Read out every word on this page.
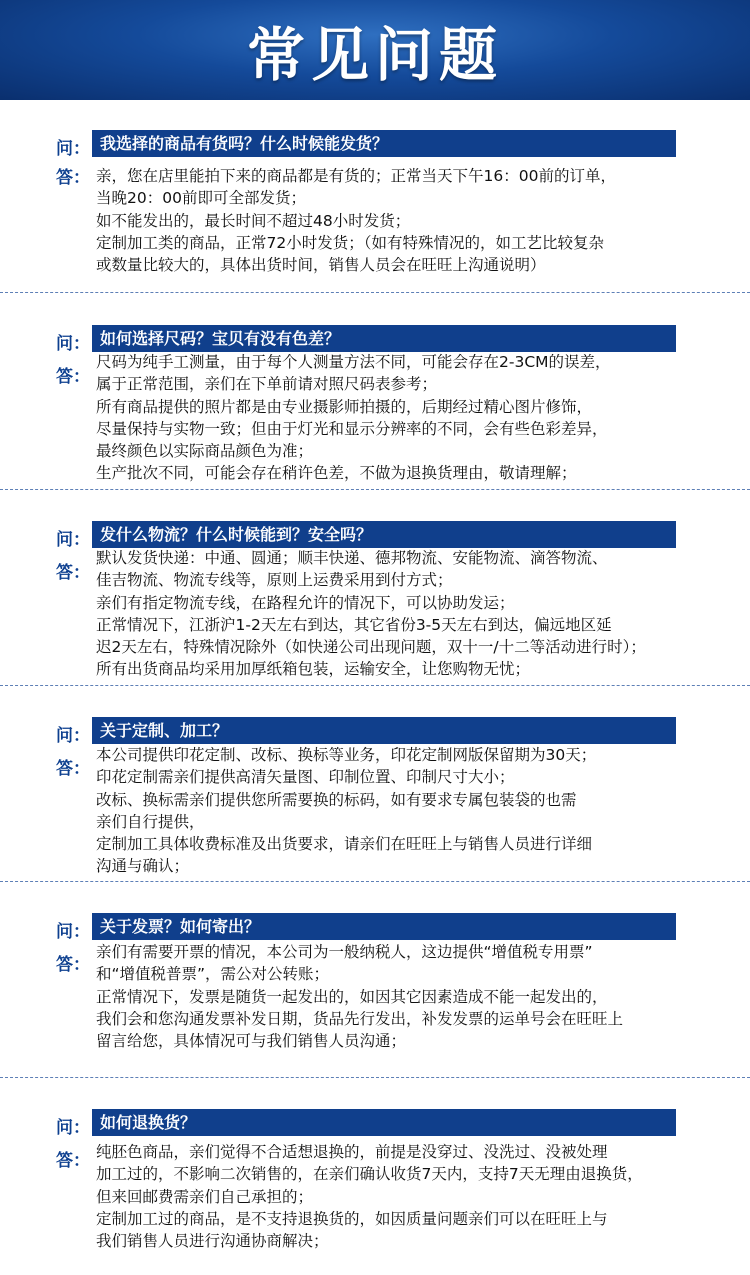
常见问题
问： 我选择的商品有货吗？什么时候能发货？
答： 亲，您在店里能拍下来的商品都是有货的；正常当天下午16：00前的订单，
当晚20：00前即可全部发货；
如不能发出的，最长时间不超过48小时发货；
定制加工类的商品，正常72小时发货；（如有特殊情况的，如工艺比较复杂
或数量比较大的，具体出货时间，销售人员会在旺旺上沟通说明）
问： 如何选择尺码？宝贝有没有色差？
答：
尺码为纯手工测量，由于每个人测量方法不同，可能会存在2-3CM的误差，
属于正常范围，亲们在下单前请对照尺码表参考；
所有商品提供的照片都是由专业摄影师拍摄的，后期经过精心图片修饰，
尽量保持与实物一致；但由于灯光和显示分辨率的不同，会有些色彩差异，
最终颜色以实际商品颜色为准；
生产批次不同，可能会存在稍许色差，不做为退换货理由，敬请理解；
问： 发什么物流？什么时候能到？安全吗？
答：
默认发货快递：中通、圆通；顺丰快递、德邦物流、安能物流、滴答物流、
佳吉物流、物流专线等，原则上运费采用到付方式；
亲们有指定物流专线，在路程允许的情况下，可以协助发运；
正常情况下，江浙沪1-2天左右到达，其它省份3-5天左右到达，偏远地区延
迟2天左右，特殊情况除外（如快递公司出现问题，双十一/十二等活动进行时）；
所有出货商品均采用加厚纸箱包装，运输安全，让您购物无忧；
问： 关于定制、加工？
答：
本公司提供印花定制、改标、换标等业务，印花定制网版保留期为30天；
印花定制需亲们提供高清矢量图、印制位置、印制尺寸大小；
改标、换标需亲们提供您所需要换的标码，如有要求专属包装袋的也需
亲们自行提供，
定制加工具体收费标准及出货要求，请亲们在旺旺上与销售人员进行详细
沟通与确认；
问： 关于发票？如何寄出？
答：
亲们有需要开票的情况，本公司为一般纳税人，这边提供“增值税专用票”
和“增值税普票”，需公对公转账；
正常情况下，发票是随货一起发出的，如因其它因素造成不能一起发出的，
我们会和您沟通发票补发日期，货品先行发出，补发发票的运单号会在旺旺上
留言给您，具体情况可与我们销售人员沟通；
问： 如何退换货？
答： 纯胚色商品，亲们觉得不合适想退换的，前提是没穿过、没洗过、没被处理
加工过的，不影响二次销售的，在亲们确认收货7天内，支持7天无理由退换货，
但来回邮费需亲们自己承担的；
定制加工过的商品，是不支持退换货的，如因质量问题亲们可以在旺旺上与
我们销售人员进行沟通协商解决；
